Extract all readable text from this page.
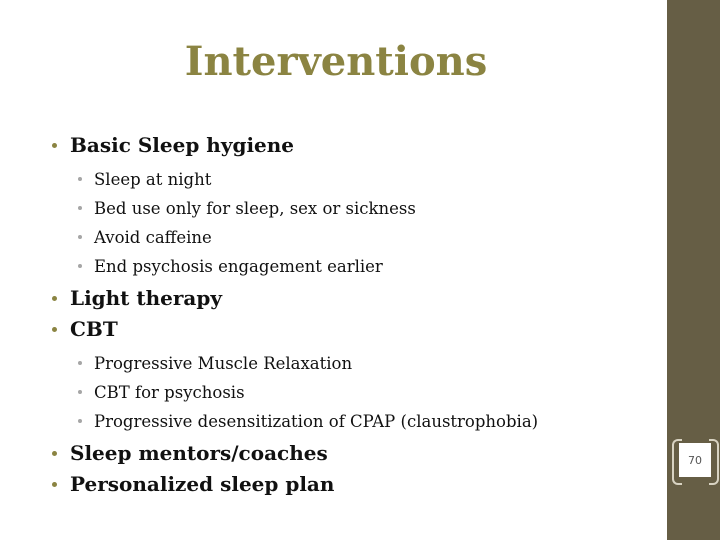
Interventions
Basic Sleep hygiene
Sleep at night
Bed use only for sleep, sex or sickness
Avoid caffeine
End psychosis engagement earlier
Light therapy
CBT
Progressive Muscle Relaxation
CBT for psychosis
Progressive desensitization of CPAP (claustrophobia)
Sleep mentors/coaches
Personalized sleep plan
70
